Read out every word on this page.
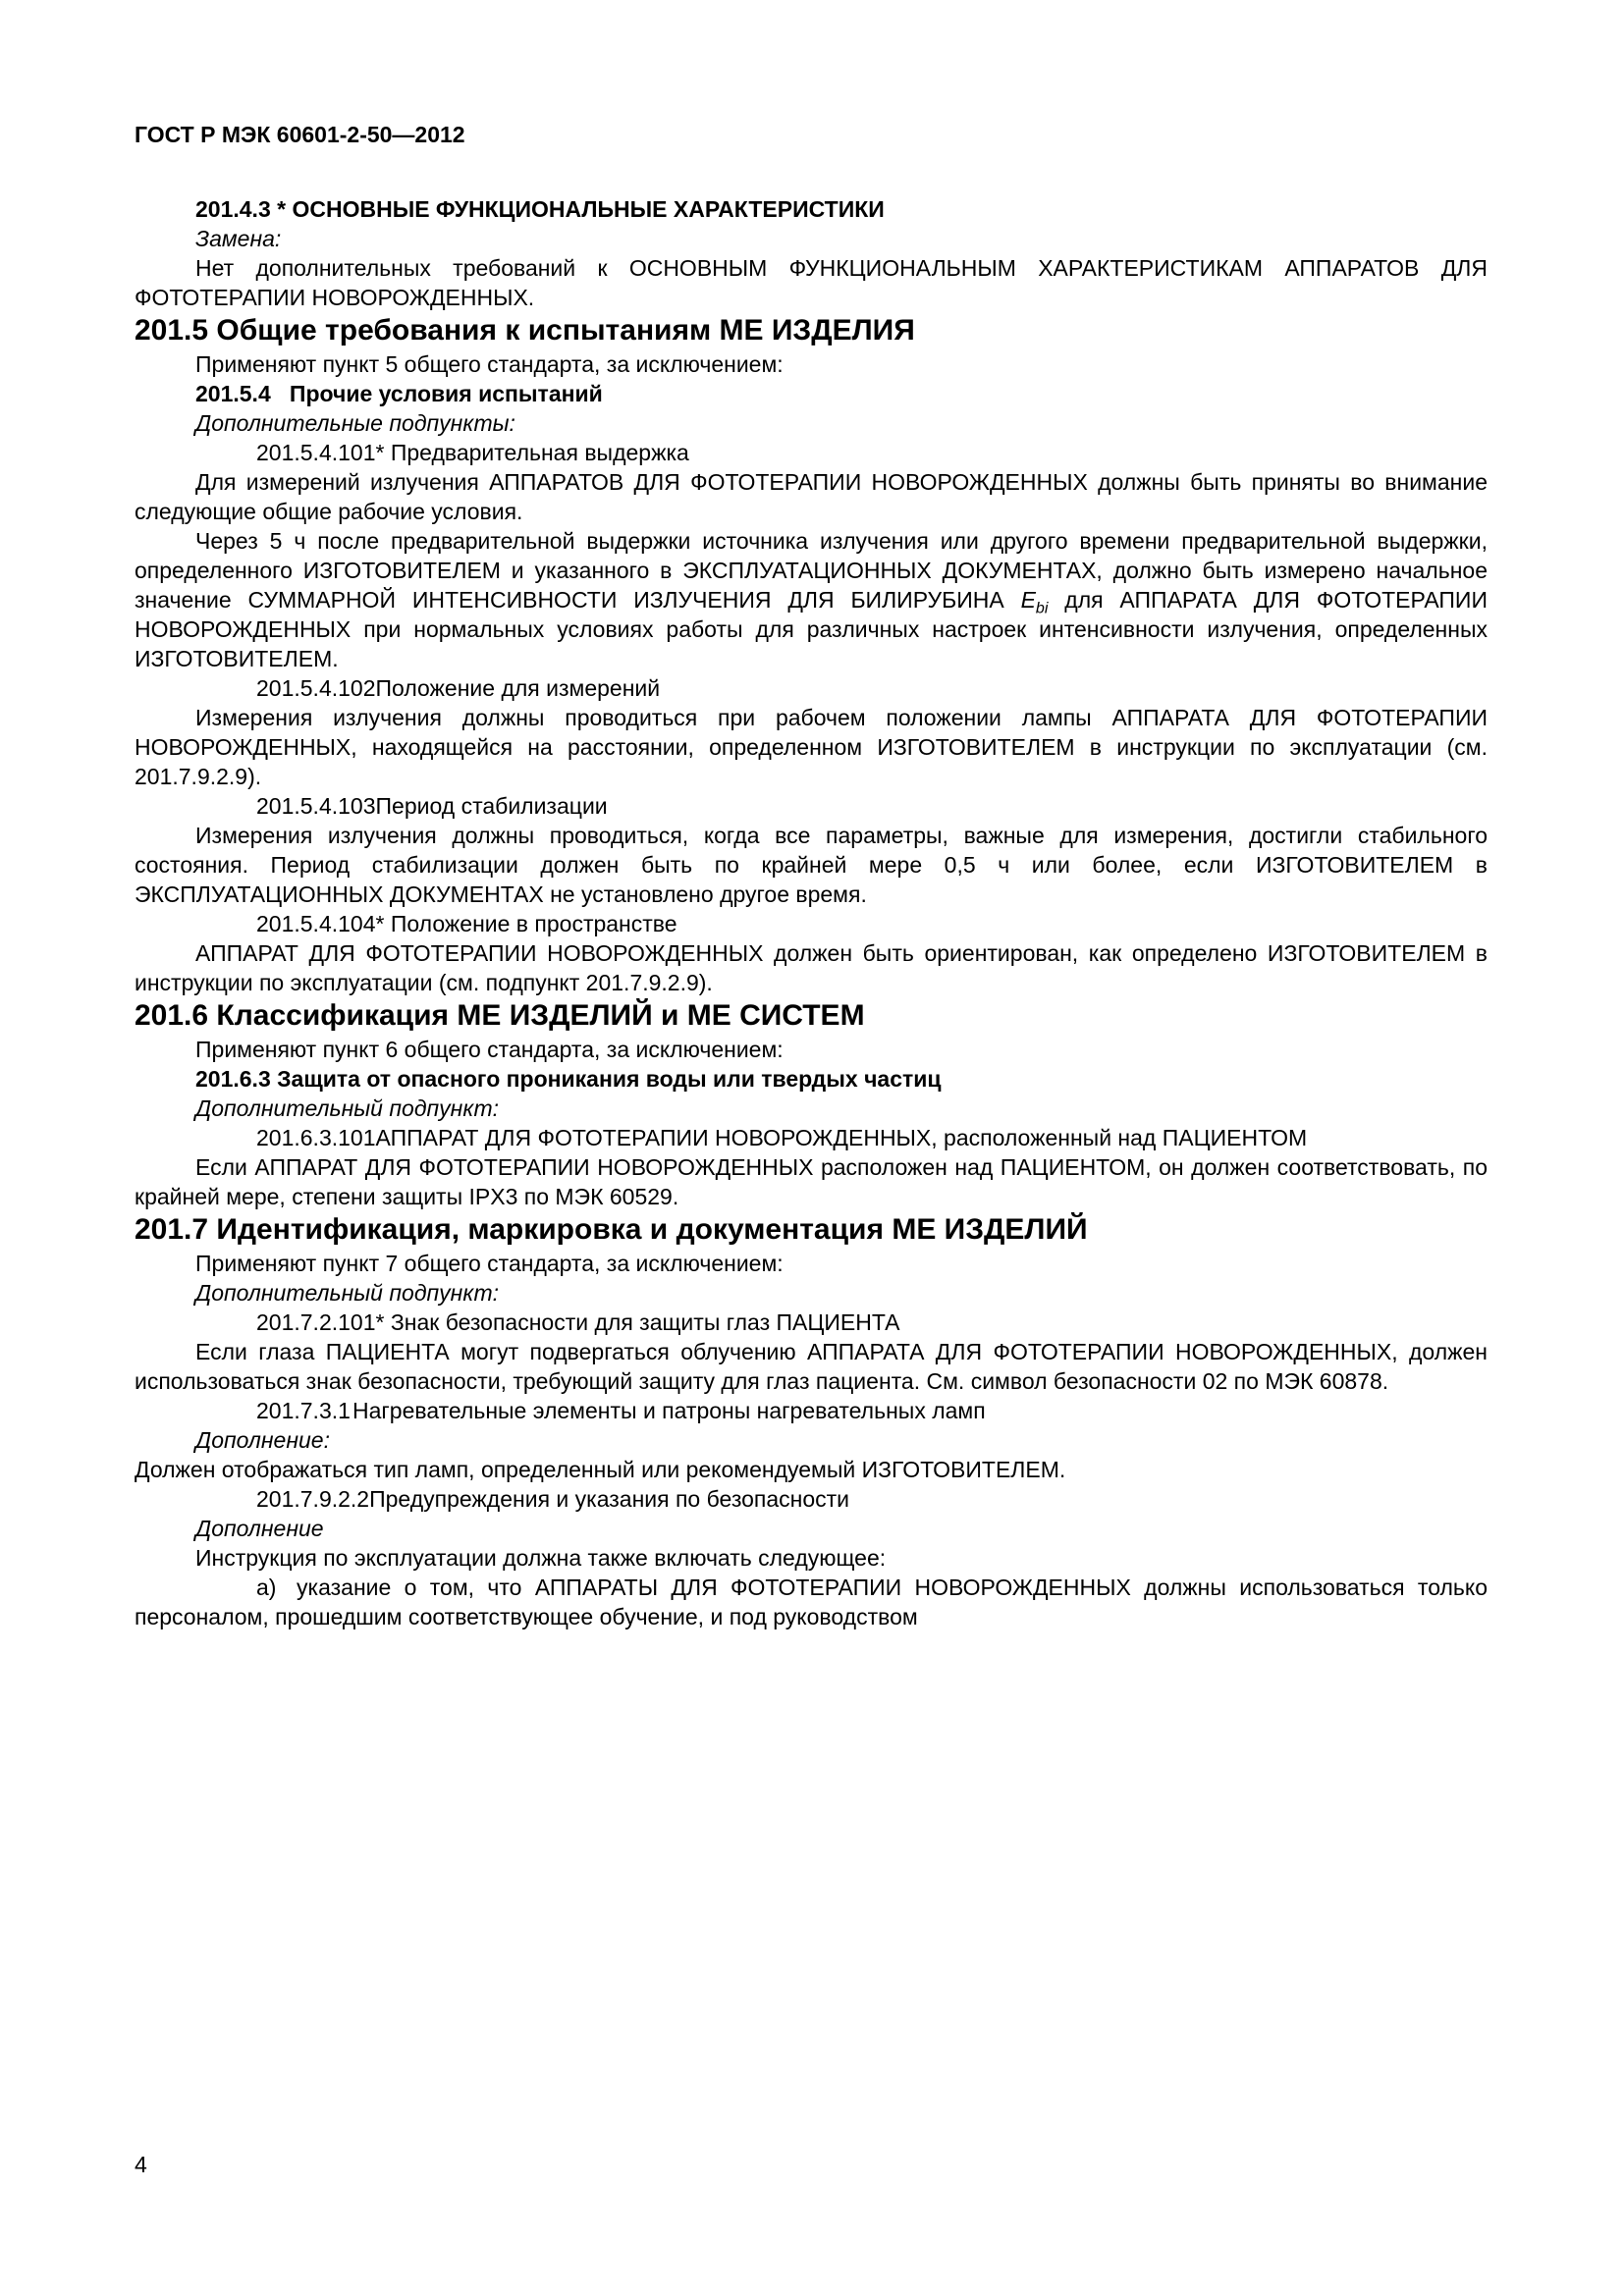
ГОСТ Р МЭК 60601-2-50—2012

201.4.3 * ОСНОВНЫЕ ФУНКЦИОНАЛЬНЫЕ ХАРАКТЕРИСТИКИ

Замена:

Нет дополнительных требований к ОСНОВНЫМ ФУНКЦИОНАЛЬНЫМ ХАРАКТЕРИСТИКАМ АППАРАТОВ ДЛЯ ФОТОТЕРАПИИ НОВОРОЖДЕННЫХ.

201.5 Общие требования к испытаниям МЕ ИЗДЕЛИЯ

Применяют пункт 5 общего стандарта, за исключением:

201.5.4   Прочие условия испытаний

Дополнительные подпункты:

201.5.4.101* Предварительная выдержка

Для измерений излучения АППАРАТОВ ДЛЯ ФОТОТЕРАПИИ НОВОРОЖДЕННЫХ должны быть приняты во внимание следующие общие рабочие условия.

Через 5 ч после предварительной выдержки источника излучения или другого времени предварительной выдержки, определенного ИЗГОТОВИТЕЛЕМ и указанного в ЭКСПЛУАТАЦИОННЫХ ДОКУМЕНТАХ, должно быть измерено начальное значение СУММАРНОЙ ИНТЕНСИВНОСТИ ИЗЛУЧЕНИЯ ДЛЯ БИЛИРУБИНА $E_{bi}$ для АППАРАТА ДЛЯ ФОТОТЕРАПИИ НОВОРОЖДЕННЫХ при нормальных условиях работы для различных настроек интенсивности излучения, определенных ИЗГОТОВИТЕЛЕМ.

201.5.4.102Положение для измерений

Измерения излучения должны проводиться при рабочем положении лампы АППАРАТА ДЛЯ ФОТОТЕРАПИИ НОВОРОЖДЕННЫХ, находящейся на расстоянии, определенном ИЗГОТОВИТЕЛЕМ в инструкции по эксплуатации (см. 201.7.9.2.9).

201.5.4.103Период стабилизации

Измерения излучения должны проводиться, когда все параметры, важные для измерения, достигли стабильного состояния. Период стабилизации должен быть по крайней мере 0,5 ч или более, если ИЗГОТОВИТЕЛЕМ в ЭКСПЛУАТАЦИОННЫХ ДОКУМЕНТАХ не установлено другое время.

201.5.4.104* Положение в пространстве

АППАРАТ ДЛЯ ФОТОТЕРАПИИ НОВОРОЖДЕННЫХ должен быть ориентирован, как определено ИЗГОТОВИТЕЛЕМ в инструкции по эксплуатации (см. подпункт 201.7.9.2.9).

201.6 Классификация МЕ ИЗДЕЛИЙ и МЕ СИСТЕМ

Применяют пункт 6 общего стандарта, за исключением:

201.6.3 Защита от опасного проникания воды или твердых частиц

Дополнительный подпункт:

201.6.3.101АППАРАТ ДЛЯ ФОТОТЕРАПИИ НОВОРОЖДЕННЫХ, расположенный над ПАЦИЕНТОМ

Если АППАРАТ ДЛЯ ФОТОТЕРАПИИ НОВОРОЖДЕННЫХ расположен над ПАЦИЕНТОМ, он должен соответствовать, по крайней мере, степени защиты IPX3 по МЭК 60529.

201.7 Идентификация, маркировка и документация МЕ ИЗДЕЛИЙ

Применяют пункт 7 общего стандарта, за исключением:

Дополнительный подпункт:

201.7.2.101* Знак безопасности для защиты глаз ПАЦИЕНТА

Если глаза ПАЦИЕНТА могут подвергаться облучению АППАРАТА ДЛЯ ФОТОТЕРАПИИ НОВОРОЖДЕННЫХ, должен использоваться знак безопасности, требующий защиту для глаз пациента. См. символ безопасности 02 по МЭК 60878.

201.7.3.1Нагревательные элементы и патроны нагревательных ламп

Дополнение:

Должен отображаться тип ламп, определенный или рекомендуемый ИЗГОТОВИТЕЛЕМ.

201.7.9.2.2Предупреждения и указания по безопасности

Дополнение

Инструкция по эксплуатации должна также включать следующее:

а) указание о том, что АППАРАТЫ ДЛЯ ФОТОТЕРАПИИ НОВОРОЖДЕННЫХ должны использоваться только персоналом, прошедшим соответствующее обучение, и под руководством

4
